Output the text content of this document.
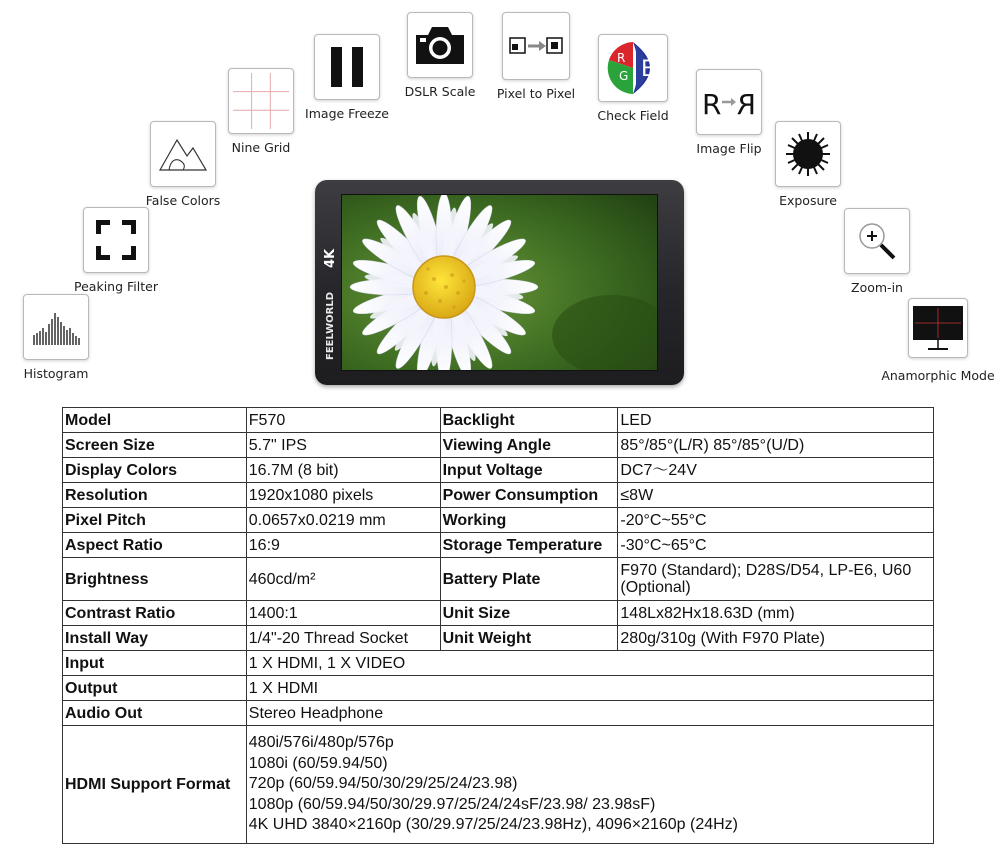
Histogram
Peaking Filter
False Colors
Nine Grid
Image Freeze
DSLR Scale Pixel to Pixel
R
G B
Check Field R R
Image Flip
Exposure
Zoom-in
Anamorphic Mode
FEELWORLD
4K
Model	F570	Backlight	LED
Screen Size	5.7" IPS	Viewing Angle	85°/85°(L/R) 85°/85°(U/D)
Display Colors	16.7M (8 bit)	Input Voltage	DC7～24V
Resolution	1920x1080 pixels	Power Consumption	≤8W
Pixel Pitch	0.0657x0.0219 mm	Working	-20°C~55°C
Aspect Ratio	16:9	Storage Temperature	-30°C~65°C
Brightness	460cd/m²	Battery Plate	F970 (Standard); D28S/D54, LP-E6, U60 (Optional)
Contrast Ratio	1400:1	Unit Size	148Lx82Hx18.63D (mm)
Install Way	1/4"-20 Thread Socket	Unit Weight	280g/310g (With F970 Plate)
Input	1 X HDMI, 1 X VIDEO		
Output	1 X HDMI		
Audio Out	Stereo Headphone		
HDMI Support Format	480i/576i/480p/576p
1080i (60/59.94/50)
720p (60/59.94/50/30/29/25/24/23.98)
1080p (60/59.94/50/30/29.97/25/24/24sF/23.98/ 23.98sF)
4K UHD 3840×2160p (30/29.97/25/24/23.98Hz), 4096×2160p (24Hz)		
